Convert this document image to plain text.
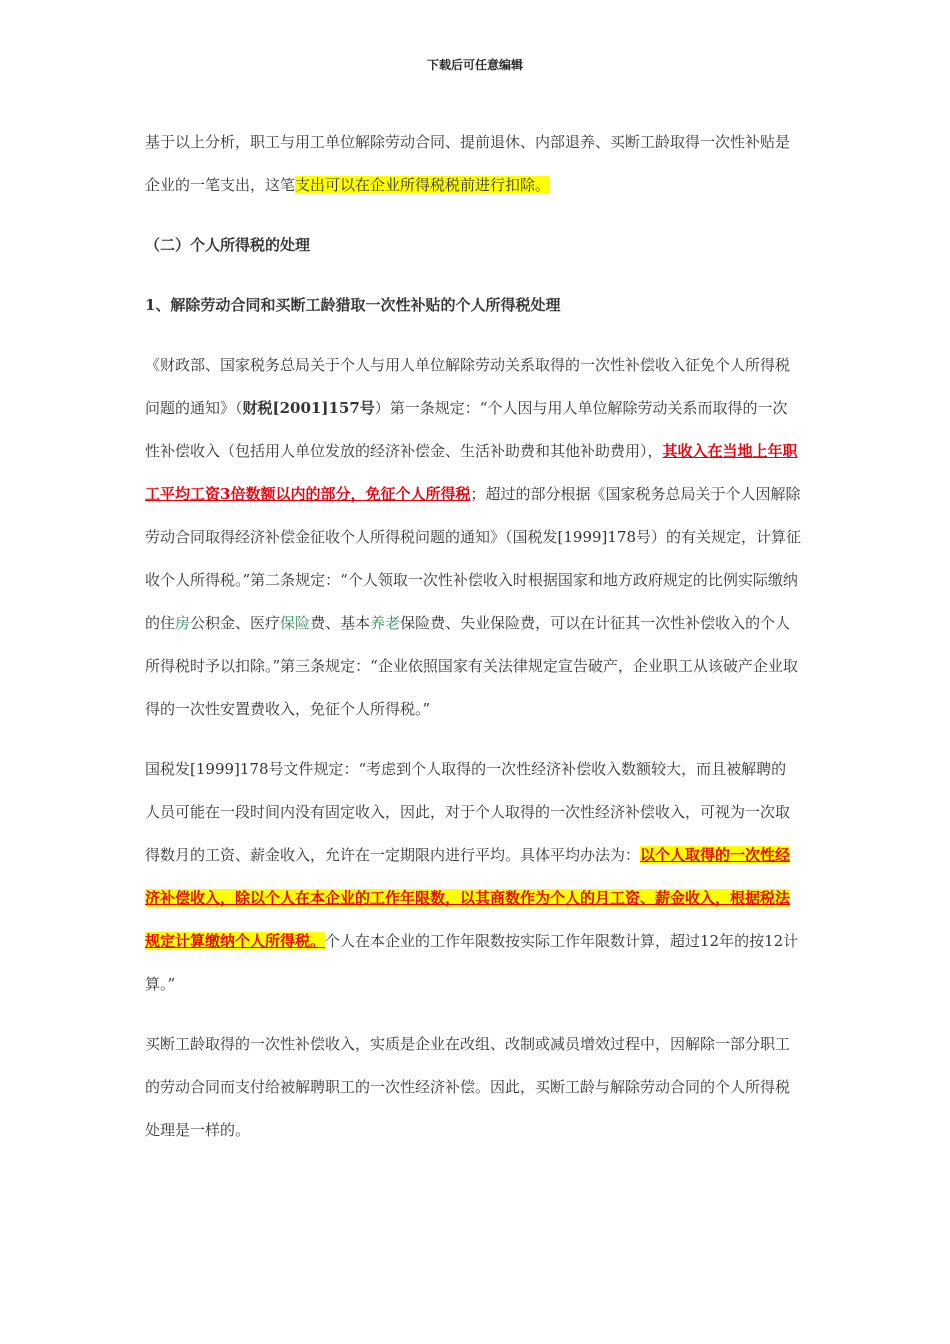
下载后可任意编辑

基于以上分析，职工与用工单位解除劳动合同、提前退休、内部退养、买断工龄取得一次性补贴是企业的一笔支出，这笔支出可以在企业所得税税前进行扣除。

（二）个人所得税的处理

1、解除劳动合同和买断工龄猎取一次性补贴的个人所得税处理

《财政部、国家税务总局关于个人与用人单位解除劳动关系取得的一次性补偿收入征免个人所得税问题的通知》（财税[2001]157号）第一条规定：“个人因与用人单位解除劳动关系而取得的一次性补偿收入（包括用人单位发放的经济补偿金、生活补助费和其他补助费用），其收入在当地上年职工平均工资3倍数额以内的部分，免征个人所得税；超过的部分根据《国家税务总局关于个人因解除劳动合同取得经济补偿金征收个人所得税问题的通知》（国税发[1999]178号）的有关规定，计算征收个人所得税。”第二条规定：“个人领取一次性补偿收入时根据国家和地方政府规定的比例实际缴纳的住房公积金、医疗保险费、基本养老保险费、失业保险费，可以在计征其一次性补偿收入的个人所得税时予以扣除。”第三条规定：“企业依照国家有关法律规定宣告破产，企业职工从该破产企业取得的一次性安置费收入，免征个人所得税。”

国税发[1999]178号文件规定：“考虑到个人取得的一次性经济补偿收入数额较大，而且被解聘的人员可能在一段时间内没有固定收入，因此，对于个人取得的一次性经济补偿收入，可视为一次取得数月的工资、薪金收入，允许在一定期限内进行平均。具体平均办法为：以个人取得的一次性经济补偿收入，除以个人在本企业的工作年限数，以其商数作为个人的月工资、薪金收入，根据税法规定计算缴纳个人所得税。个人在本企业的工作年限数按实际工作年限数计算，超过12年的按12计算。”

买断工龄取得的一次性补偿收入，实质是企业在改组、改制或减员增效过程中，因解除一部分职工的劳动合同而支付给被解聘职工的一次性经济补偿。因此，买断工龄与解除劳动合同的个人所得税处理是一样的。
